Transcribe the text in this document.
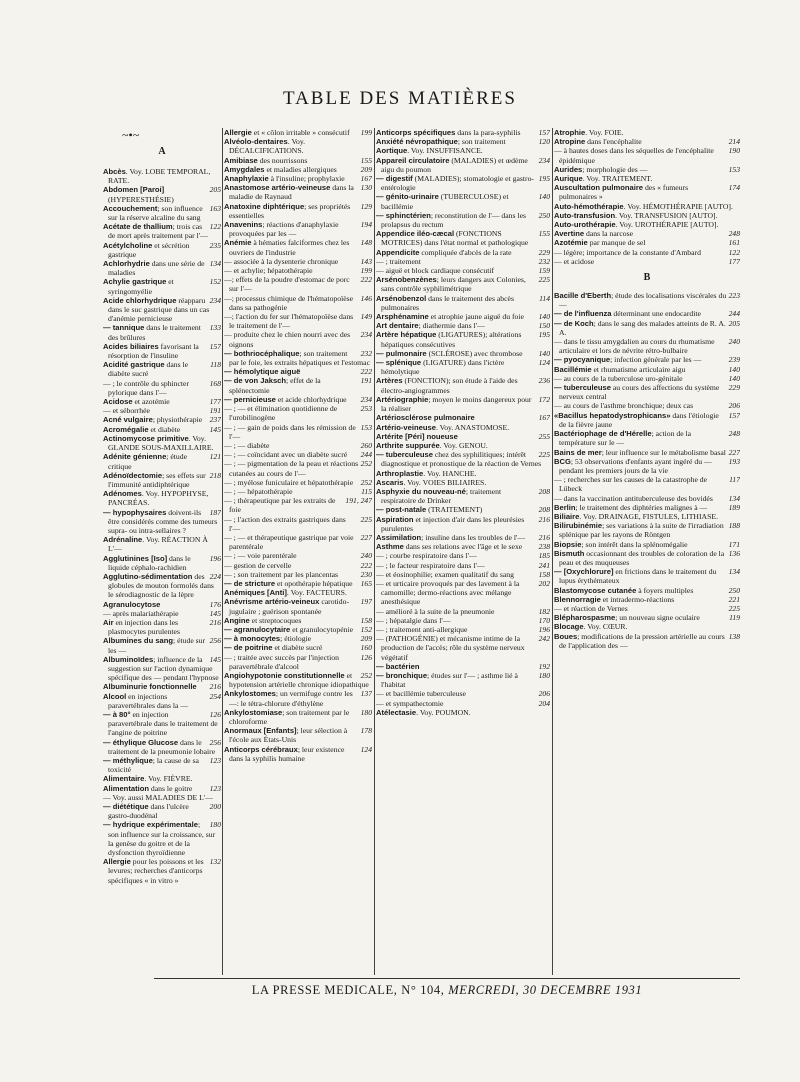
TABLE DES MATIÈRES
~•~
A
Abcès. Voy. LOBE TEMPORAL, RATE.
205
Abdomen [Paroi] (HYPERESTHÉSIE)
163
Accouchement; son influence sur la réserve alcaline du sang
122
Acétate de thallium; trois cas de mort après traitement par l'—
235
Acétylcholine et sécrétion gastrique
134
Achlorhydrie dans une série de maladies
152
Achylie gastrique et syringomyélie
234
Acide chlorhydrique réapparu dans le suc gastrique dans un cas d'anémie pernicieuse
133
— tannique dans le traitement des brûlures
157
Acides biliaires favorisant la résorption de l'insuline
118
Acidité gastrique dans le diabète sucré
168
— ; le contrôle du sphincter pylorique dans l'—
177
Acidose et azotémie
191
— et séborrhée
237
Acné vulgaire; physiothérapie
145
Acromégalie et diabète
Actinomycose primitive. Voy. GLANDE SOUS-MAXILLAIRE.
121
Adénite génienne; étude critique
218
Adénoïdectomie; ses effets sur l'immunité antidiphtérique
Adénomes. Voy. HYPOPHYSE, PANCRÉAS.
187
— hypophysaires doivent-ils être considérés comme des tumeurs supra- ou intra-sellaires ?
Adrénaline. Voy. RÉACTION À L'—
196
Agglutinines [Iso] dans le liquide céphalo-rachidien
224
Agglutino-sédimentation des globules de mouton formolés dans le sérodiagnostic de la lèpre
176
Agranulocytose
145
— après malariathérapie
216
Air en injection dans les plasmocytes purulentes
256
Albumines du sang; étude sur les —
145
Albuminoïdes; influence de la suggestion sur l'action dynamique spécifique des — pendant l'hypnose
216
Albuminurie fonctionnelle
254
Alcool en injections paravertébrales dans la —
126
— à 80° en injection paravertébrale dans le traitement de l'angine de poitrine
256
— éthylique Glucose dans le traitement de la pneumonie lobaire
123
— méthylique; la cause de sa toxicité
Alimentaire. Voy. FIÈVRE.
123
Alimentation dans le goitre
— Voy. aussi MALADIES DE L'—
200
— diététique dans l'ulcère gastro-duodénal
180
— hydrique expérimentale; son influence sur la croissance, sur la genèse du goitre et de la dysfonction thyroïdienne
132
Allergie pour les poissons et les levures; recherches d'anticorps spécifiques « in vitro »
199
Allergie et « côlon irritable » consécutif
Alvéolo-dentaires. Voy. DÉCALCIFICATIONS.
155
Amibiase des nourrissons
209
Amygdales et maladies allergiques
167
Anaphylaxie à l'insuline; prophylaxie
130
Anastomose artério-veineuse dans la maladie de Raynaud
129
Anatoxine diphtérique; ses propriétés essentielles
194
Anavenins; réactions d'anaphylaxie provoquées par les —
148
Anémie à hématies falciformes chez les ouvriers de l'industrie
143
— associée à la dysenterie chronique
199
— et achylie; hépatothérapie
222
—; effets de la poudre d'estomac de porc sur l'—
146
—; processus chimique de l'hématopoïèse dans sa pathogénie
149
—; l'action du fer sur l'hématopoïèse dans le traitement de l'—
234
— produite chez le chien nourri avec des oignons
232
— bothriocéphalique; son traitement par le foie, les extraits hépatiques et l'estomac
222
— hémolytique aiguë
191
— de von Jaksch; effet de la splénectomie
234
— pernicieuse et acide chlorhydrique
253
— ; — et élimination quotidienne de l'urobilinogène
153
— ; — gain de poids dans les rémission de l'—
260
— ; — diabète
244
— ; — coïncidant avec un diabète sucré
252
— ; — pigmentation de la peau et réactions cutanées au cours de l'—
252
— ; myélose funiculaire et hépatothérapie
115
— ; — hépatothérapie
191, 247
— ; thérapeutique par les extraits de foie
225
— ; l'action des extraits gastriques dans l'—
227
— ; — et thérapeutique gastrique par voie parentérale
240
— ; — voie parentérale
222
— gestion de cervelle
230
— ; son traitement par les plancentas
165
— de stricture et opothérapie hépatique
Anémiques [Anti]. Voy. FACTEURS.
197
Anévrisme artério-veineux carotido-jugulaire ; guérison spontanée
158
Angine et streptocoques
152
— agranulocytaire et granulocytopénie
209
— à monocytes; étiologie
160
— de poitrine et diabète sucré
126
— ; traitée avec succès par l'injection paravertébrale d'alcool
252
Angiohypotonie constitutionnelle et hypotension artérielle chronique idiopathique
137
Ankylostomes; un vermifuge contre les —: le tétra-chlorure d'éthylène
180
Ankylostomiase; son traitement par le chloroforme
178
Anormaux [Enfants]; leur sélection à l'école aux États-Unis
124
Anticorps cérébraux; leur existence dans la syphilis humaine
157
Anticorps spécifiques dans la para-syphilis
120
Anxiété névropathique; son traitement
Aortique. Voy. INSUFFISANCE.
234
Appareil circulatoire (MALADIES) et œdème aigu du poumon
195
— digestif (MALADIES); stomatologie et gastro-entérologie
140
— génito-urinaire (TUBERCULOSE) et bacillémie
250
— sphinctérien; reconstitution de l'— dans les prolapsus du rectum
155
Appendice iléo-cæcal (FONCTIONS MOTRICES) dans l'état normal et pathologique
229
Appendicite compliquée d'abcès de la rate
232
— ; traitement
159
— aiguë et block cardiaque consécutif
225
Arsénobenzènes; leurs dangers aux Colonies, sans contrôle syphilimétrique
114
Arsénobenzol dans le traitement des abcès pulmonaires
140
Arsphénamine et atrophie jaune aiguë du foie
150
Art dentaire; diathermie dans l'—
195
Artère hépatique (LIGATURES); altérations hépatiques consécutives
140
— pulmonaire (SCLÉROSE) avec thrombose
124
— splénique (LIGATURE) dans l'ictère hémolytique
236
Artères (FONCTION); son étude à l'aide des électro-angiogrammes
172
Artériographie; moyen le moins dangereux pour la réaliser
167
Artériosclérose pulmonaire
Artério-veineuse. Voy. ANASTOMOSE.
255
Artérite [Péri] noueuse
Arthrite suppurée. Voy. GENOU.
225
— tuberculeuse chez des syphilitiques; intérêt diagnostique et pronostique de la réaction de Vernes
Arthroplastie. Voy. HANCHE.
Ascaris. Voy. VOIES BILIAIRES.
208
Asphyxie du nouveau-né; traitement respiratoire de Drinker
208
— post-natale (TRAITEMENT)
216
Aspiration et injection d'air dans les pleurésies purulentes
216
Assimilation; insuline dans les troubles de l'—
238
Asthme dans ses relations avec l'âge et le sexe
185
— ; courbe respiratoire dans l'—
241
— ; le facteur respiratoire dans l'—
158
— et éosinophilie; examen qualitatif du sang
202
— et urticaire provoqués par des lavement à la camomille; dermo-réactions avec mélange anesthésique
182
— amélioré à la suite de la pneumonie
170
— ; hépatalgie dans l'—
196
— ; traitement anti-allergique
242
— (PATHOGÉNIE) et mécanisme intime de la production de l'accès; rôle du système nerveux végétatif
192
— bactérien
180
— bronchique; études sur l'— ; asthme lié à l'habitat
206
— et bacillémie tuberculeuse
204
— et sympathectomie
Atélectasie. Voy. POUMON.
Atrophie. Voy. FOIE.
214
Atropine dans l'encéphalite
190
— à hautes doses dans les séquelles de l'encéphalite épidémique
153
Aurides; morphologie des —
Aurique. Voy. TRAITEMENT.
174
Auscultation pulmonaire des « fumeurs pulmonaires »
Auto-hémothérapie. Voy. HÉMOTHÉRAPIE [AUTO].
Auto-transfusion. Voy. TRANSFUSION [AUTO].
Auto-urothérapie. Voy. UROTHÉRAPIE [AUTO].
248
Avertine dans la narcose
161
Azotémie par manque de sel
122
— légère; importance de la constante d'Ambard
177
— et acidose
B
223
Bacille d'Eberth; étude des localisations viscérales du —
244
— de l'influenza déterminant une endocardite
205
— de Koch; dans le sang des malades atteints de R. A. A.
240
— dans le tissu amygdalien au cours du rhumatisme articulaire et lors de névrite rétro-bulbaire
239
— pyocyanique; infection générale par les —
140
Bacillémie et rhumatisme articulaire aigu
140
— au cours de la tuberculose uro-génitale
229
— tuberculeuse au cours des affections du système nerveux central
206
— au cours de l'asthme bronchique; deux cas
157
«Bacillus hepatodystrophicans» dans l'étiologie de la fièvre jaune
248
Bactériophage de d'Hérelle; action de la température sur le —
227
Bains de mer; leur influence sur le métabolisme basal
193
BCG; 53 observations d'enfants ayant ingéré du — pendant les premiers jours de la vie
117
— ; recherches sur les causes de la catastrophe de Lübeck
134
— dans la vaccination antituberculeuse des bovidés
189
Berlin; le traitement des diphtéries malignes à —
Biliaire. Voy. DRAINAGE, FISTULES, LITHIASE.
188
Bilirubinémie; ses variations à la suite de l'irradiation splénique par les rayons de Röntgen
171
Biopsie; son intérêt dans la splénomégalie
136
Bismuth occasionnant des troubles de coloration de la peau et des muqueuses
134
— [Oxychlorure] en frictions dans le traitement du lupus érythémateux
250
Blastomycose cutanée à foyers multiples
221
Blennorragie et intradermo-réactions
225
— et réaction de Vernes
119
Blépharospasme; un nouveau signe oculaire
Blocage. Voy. CŒUR.
138
Boues; modifications de la pression artérielle au cours de l'application des —
LA PRESSE MEDICALE, N° 104, MERCREDI, 30 DECEMBRE 1931
